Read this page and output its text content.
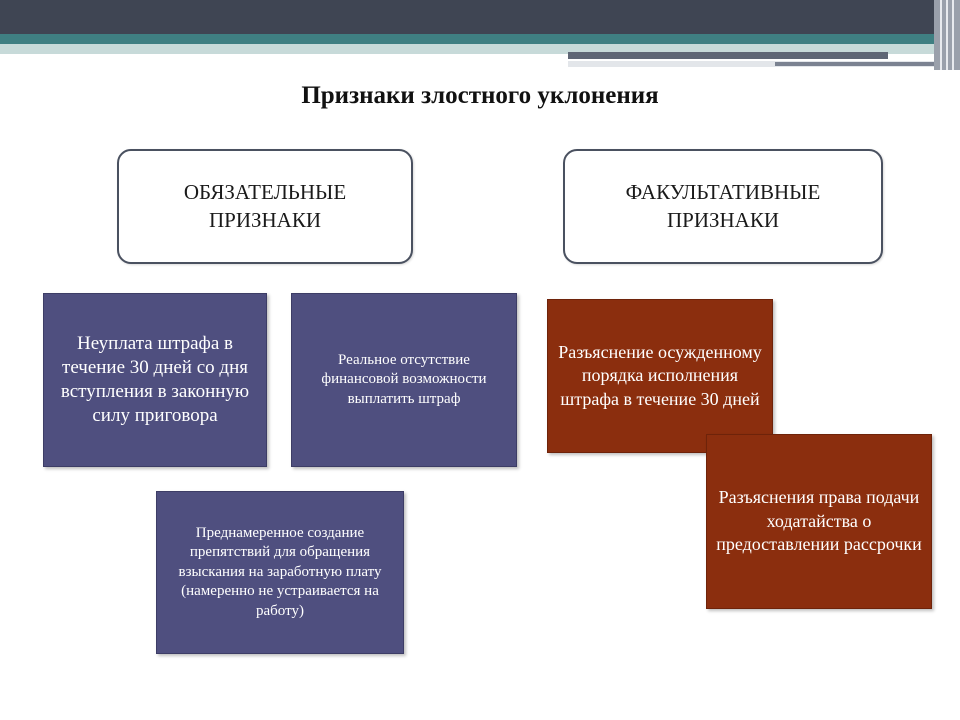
Признаки злостного уклонения
ОБЯЗАТЕЛЬНЫЕ ПРИЗНАКИ
ФАКУЛЬТАТИВНЫЕ ПРИЗНАКИ
Неуплата штрафа в течение 30 дней со дня вступления в законную силу приговора
Реальное отсутствие финансовой возможности выплатить штраф
Преднамеренное создание препятствий для обращения взыскания на заработную плату (намеренно не устраивается на работу)
Разъяснение осужденному порядка исполнения штрафа в течение 30 дней
Разъяснения права подачи ходатайства о предоставлении рассрочки
